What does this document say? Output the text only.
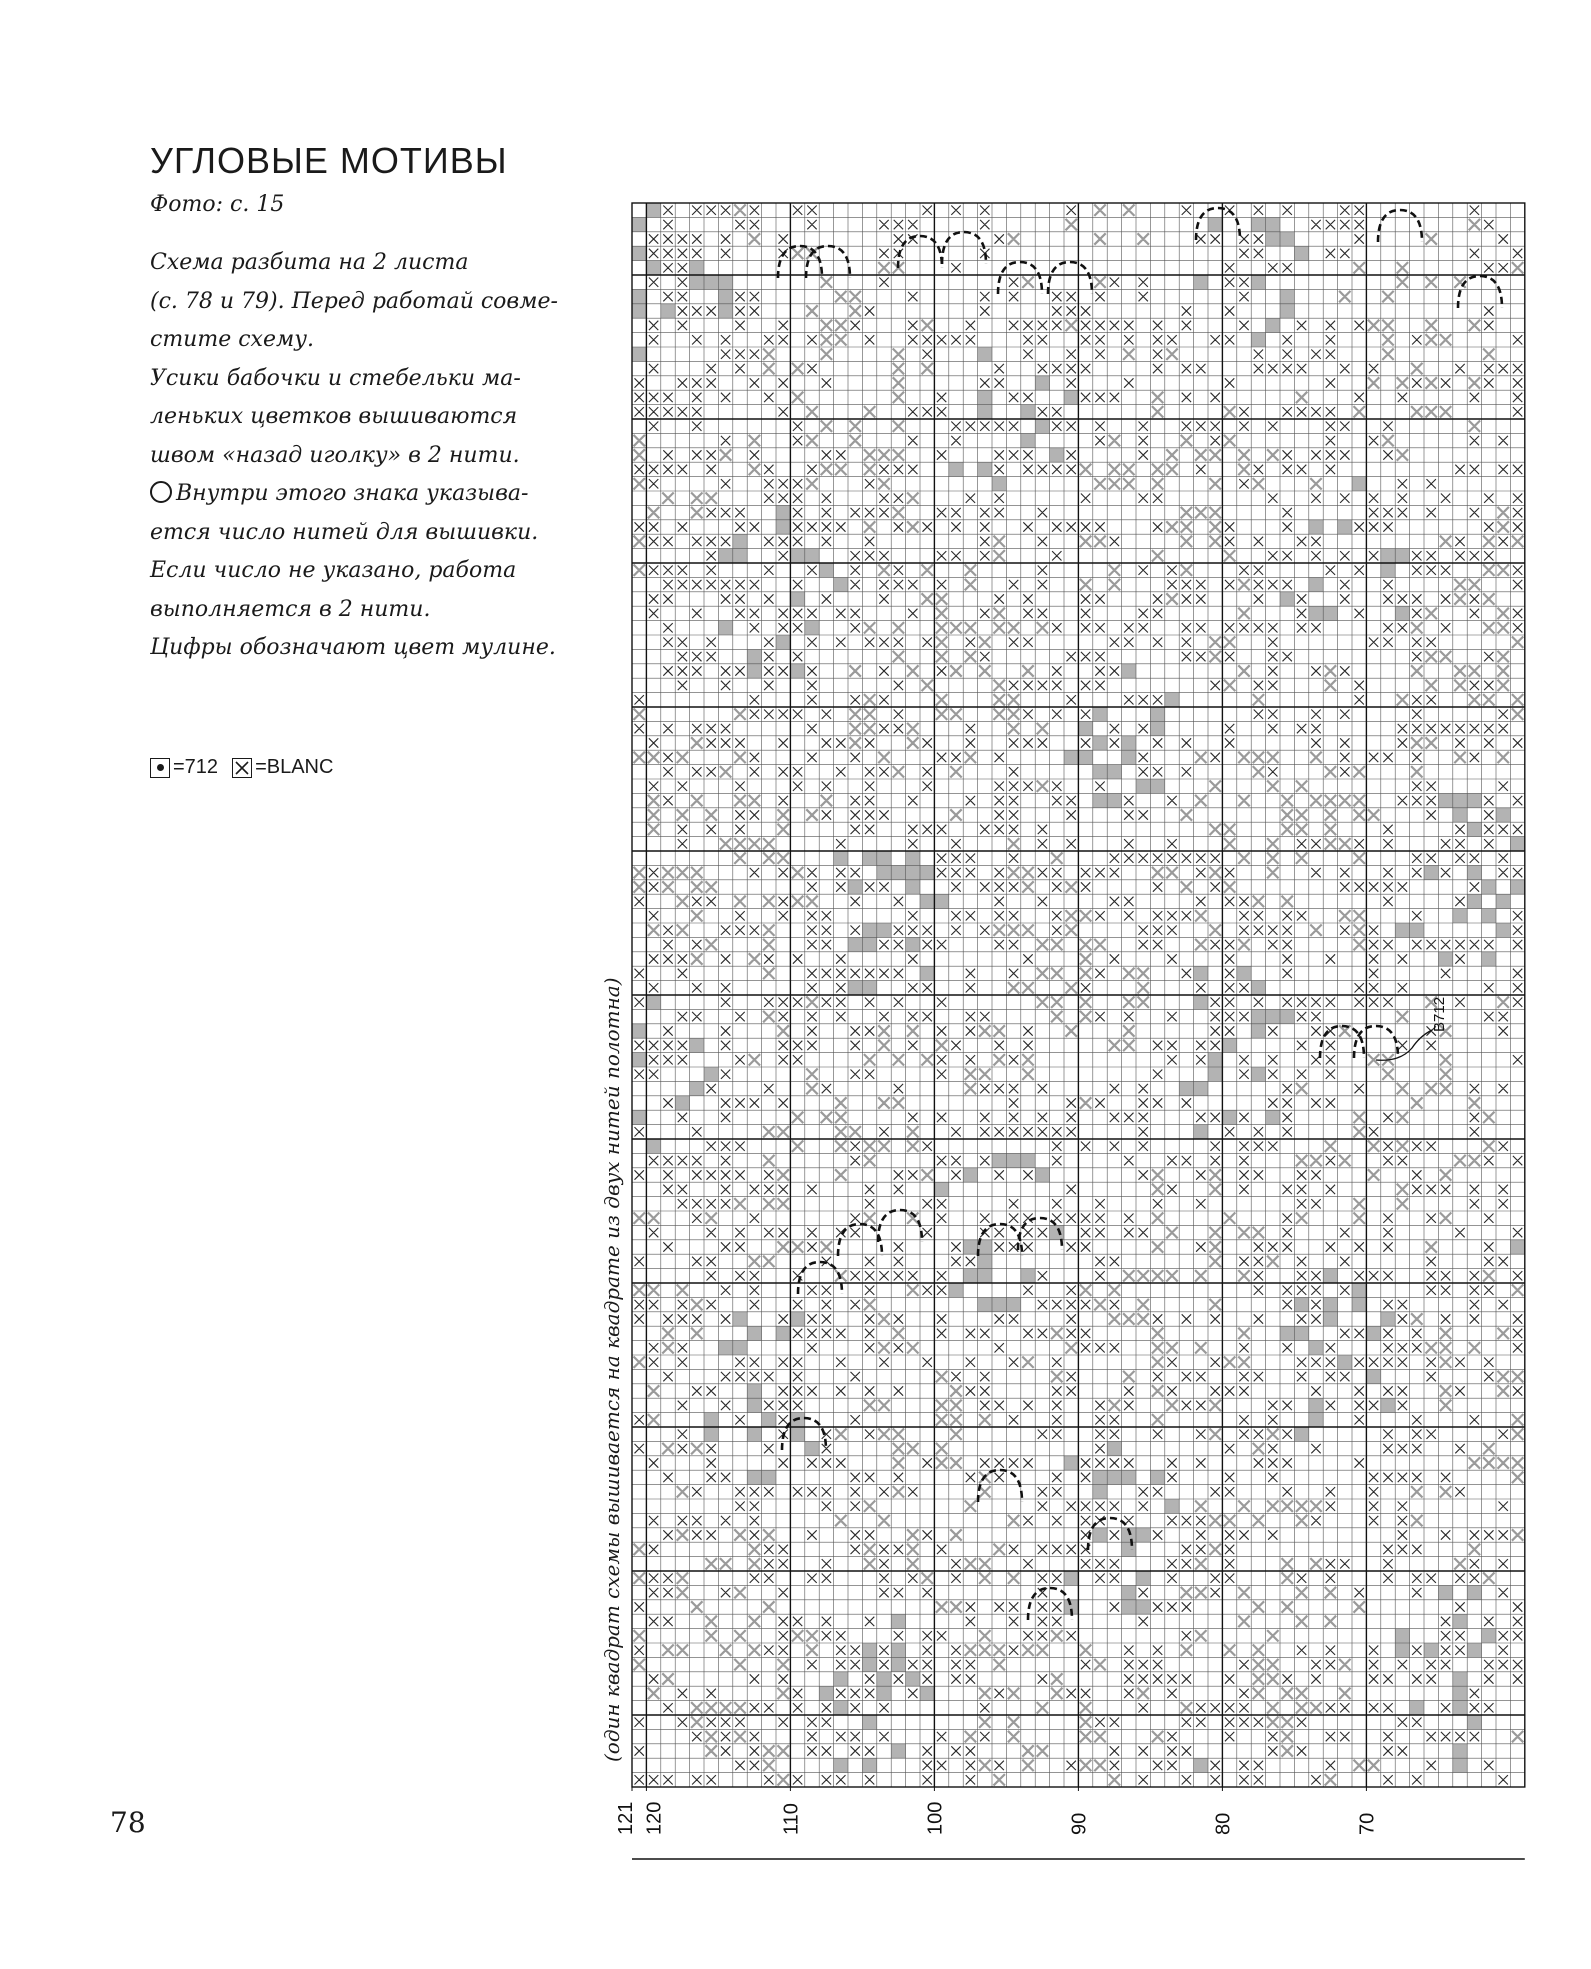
УГЛОВЫЕ МОТИВЫ
Фото: с. 15

Схема разбита на 2 листа

(с. 78 и 79). Перед работай совме-

стите схему.

Усики бабочки и стебельки ма-

леньких цветков вышиваются

швом «назад иголку» в 2 нити.

Внутри этого знака указыва-

ется число нитей для вышивки.

Если число не указано, работа

выполняется в 2 нити.

Цифры обозначают цвет мулине.

=712 =BLANC
(один квадрат схемы вышивается на квадрате из двух нитей полотна)	B712
121 120	110	100	90	80	70
78
